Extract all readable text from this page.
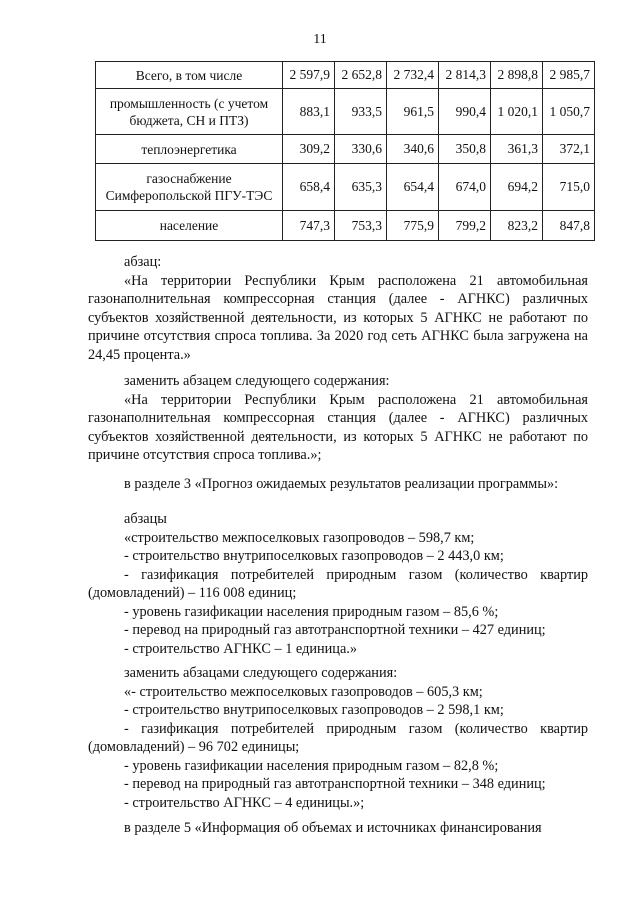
11
Всего, в том числе	2 597,9	2 652,8	2 732,4	2 814,3	2 898,8	2 985,7
промышленность (с учетом бюджета, СН и ПТЗ)	883,1	933,5	961,5	990,4	1 020,1	1 050,7
теплоэнергетика	309,2	330,6	340,6	350,8	361,3	372,1
газоснабжение Симферопольской ПГУ-ТЭС	658,4	635,3	654,4	674,0	694,2	715,0
население	747,3	753,3	775,9	799,2	823,2	847,8

абзац:

«На территории Республики Крым расположена 21 автомобильная газонаполнительная компрессорная станция (далее - АГНКС) различных субъектов хозяйственной деятельности, из которых 5 АГНКС не работают по причине отсутствия спроса топлива. За 2020 год сеть АГНКС была загружена на 24,45 процента.»

заменить абзацем следующего содержания:

«На территории Республики Крым расположена 21 автомобильная газонаполнительная компрессорная станция (далее - АГНКС) различных субъектов хозяйственной деятельности, из которых 5 АГНКС не работают по причине отсутствия спроса топлива.»;

в разделе 3 «Прогноз ожидаемых результатов реализации программы»:

абзацы

«строительство межпоселковых газопроводов – 598,7 км;

- строительство внутрипоселковых газопроводов – 2 443,0 км;

- газификация потребителей природным газом (количество квартир (домовладений) – 116 008 единиц;

- уровень газификации населения природным газом – 85,6 %;

- перевод на природный газ автотранспортной техники – 427 единиц;

- строительство АГНКС – 1 единица.»

заменить абзацами следующего содержания:

«- строительство межпоселковых газопроводов – 605,3 км;

- строительство внутрипоселковых газопроводов – 2 598,1 км;

- газификация потребителей природным газом (количество квартир (домовладений) – 96 702 единицы;

- уровень газификации населения природным газом – 82,8 %;

- перевод на природный газ автотранспортной техники – 348 единиц;

- строительство АГНКС – 4 единицы.»;

в разделе 5 «Информация об объемах и источниках финансирования
